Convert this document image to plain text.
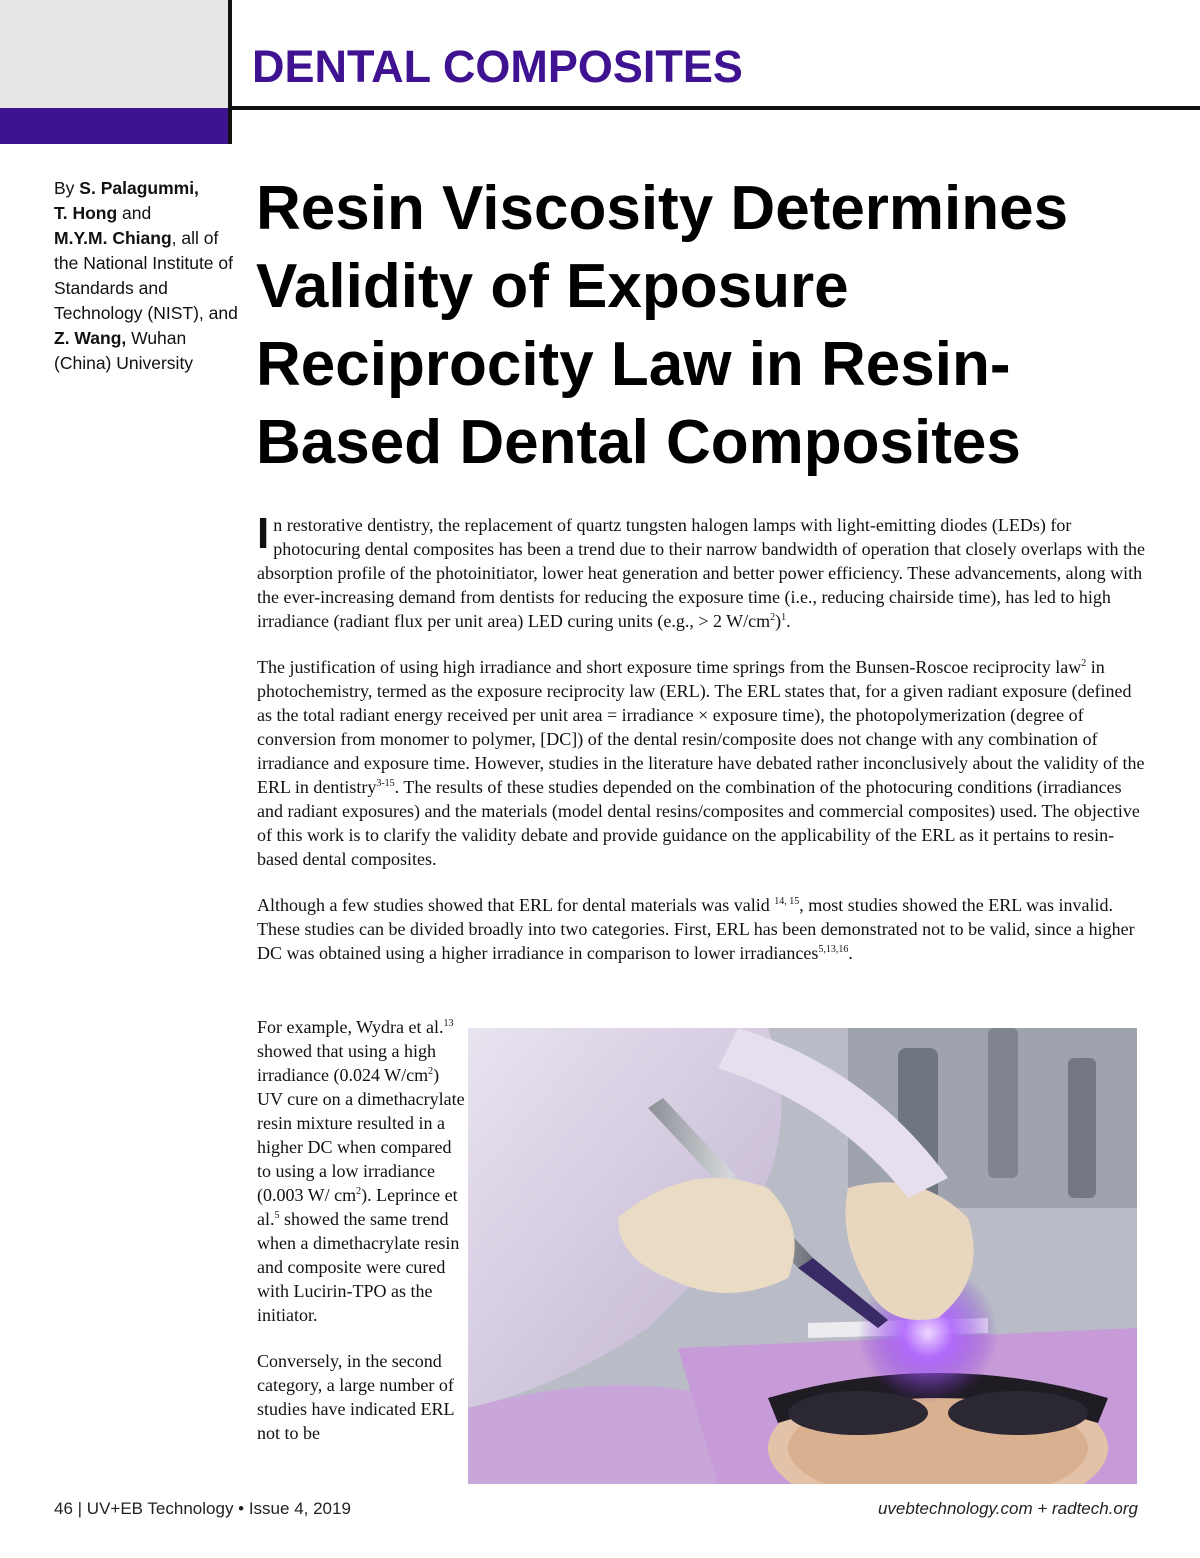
DENTAL COMPOSITES
By S. Palagummi,
T. Hong and
M.Y.M. Chiang, all of the National Institute of Standards and Technology (NIST), and Z. Wang, Wuhan (China) University
Resin Viscosity Determines Validity of Exposure Reciprocity Law in Resin-Based Dental Composites

In restorative dentistry, the replacement of quartz tungsten halogen lamps with light-emitting diodes (LEDs) for photocuring dental composites has been a trend due to their narrow bandwidth of operation that closely overlaps with the absorption profile of the photoinitiator, lower heat generation and better power efficiency. These advancements, along with the ever-increasing demand from dentists for reducing the exposure time (i.e., reducing chairside time), has led to high irradiance (radiant flux per unit area) LED curing units (e.g., > 2 $W/cm^2)^1$.

The justification of using high irradiance and short exposure time springs from the Bunsen-Roscoe reciprocity law$^2$ in photochemistry, termed as the exposure reciprocity law (ERL). The ERL states that, for a given radiant exposure (defined as the total radiant energy received per unit area = irradiance × exposure time), the photopolymerization (degree of conversion from monomer to polymer, [DC]) of the dental resin/composite does not change with any combination of irradiance and exposure time. However, studies in the literature have debated rather inconclusively about the validity of the ERL in dentistry$^{3-15}$. The results of these studies depended on the combination of the photocuring conditions (irradiances and radiant exposures) and the materials (model dental resins/composites and commercial composites) used. The objective of this work is to clarify the validity debate and provide guidance on the applicability of the ERL as it pertains to resin-based dental composites.

Although a few studies showed that ERL for dental materials was valid $^{14, 15}$, most studies showed the ERL was invalid. These studies can be divided broadly into two categories. First, ERL has been demonstrated not to be valid, since a higher DC was obtained using a higher irradiance in comparison to lower irradiances$^{5,13,16}$.

For example, Wydra et al.$^{13}$ showed that using a high irradiance (0.024 $W/cm^2$) UV cure on a dimethacrylate resin mixture resulted in a higher DC when compared to using a low irradiance (0.003 W/ $cm^2$). Leprince et al.$^5$ showed the same trend when a dimethacrylate resin and composite were cured with Lucirin-TPO as the initiator.

Conversely, in the second category, a large number of studies have indicated ERL not to be

46 | UV+EB Technology • Issue 4, 2019	uvebtechnology.com + radtech.org
